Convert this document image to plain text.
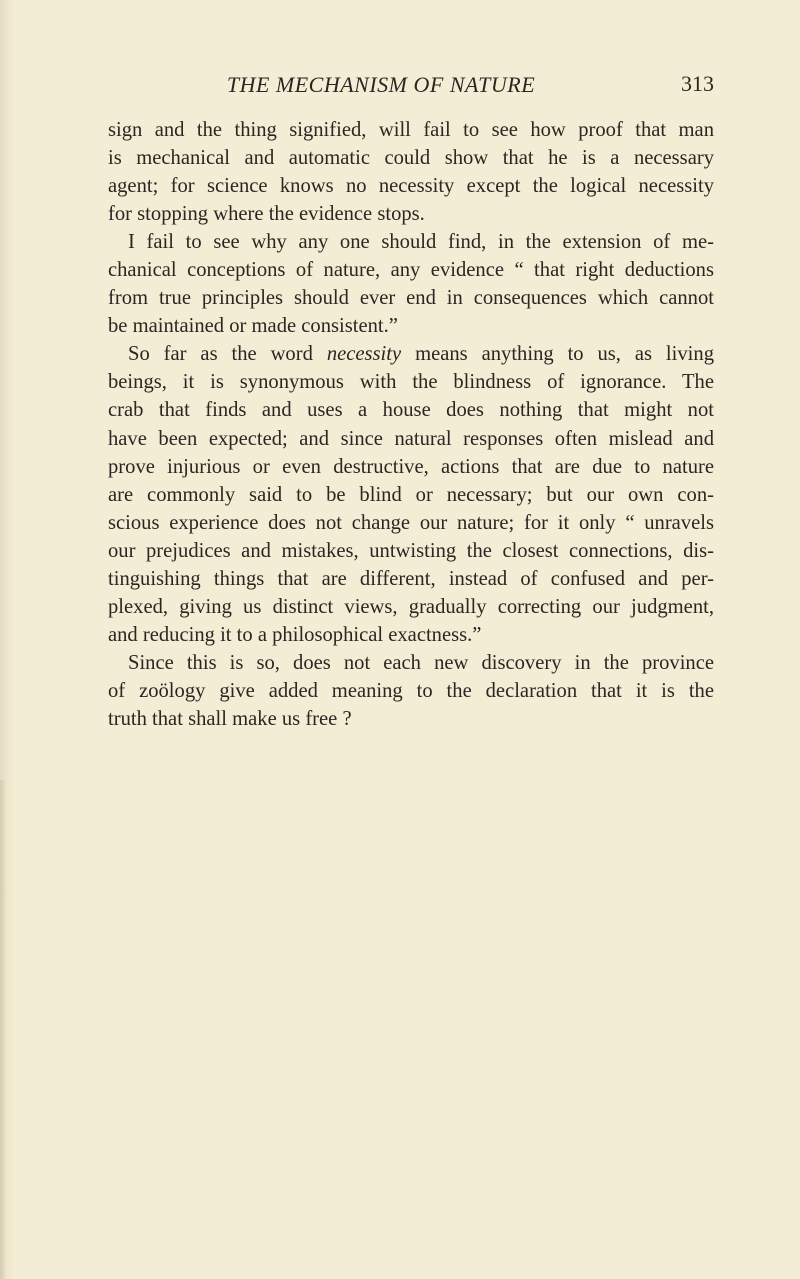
THE MECHANISM OF NATURE	313
sign and the thing signified, will fail to see how proof that man
is mechanical and automatic could show that he is a necessary
agent; for science knows no necessity except the logical necessity
for stopping where the evidence stops.
I fail to see why any one should find, in the extension of me-
chanical conceptions of nature, any evidence “ that right deductions
from true principles should ever end in consequences which cannot
be maintained or made consistent.”
So far as the word necessity means anything to us, as living
beings, it is synonymous with the blindness of ignorance. The
crab that finds and uses a house does nothing that might not
have been expected; and since natural responses often mislead and
prove injurious or even destructive, actions that are due to nature
are commonly said to be blind or necessary; but our own con-
scious experience does not change our nature; for it only “ unravels
our prejudices and mistakes, untwisting the closest connections, dis-
tinguishing things that are different, instead of confused and per-
plexed, giving us distinct views, gradually correcting our judgment,
and reducing it to a philosophical exactness.”
Since this is so, does not each new discovery in the province
of zoölogy give added meaning to the declaration that it is the
truth that shall make us free ?
